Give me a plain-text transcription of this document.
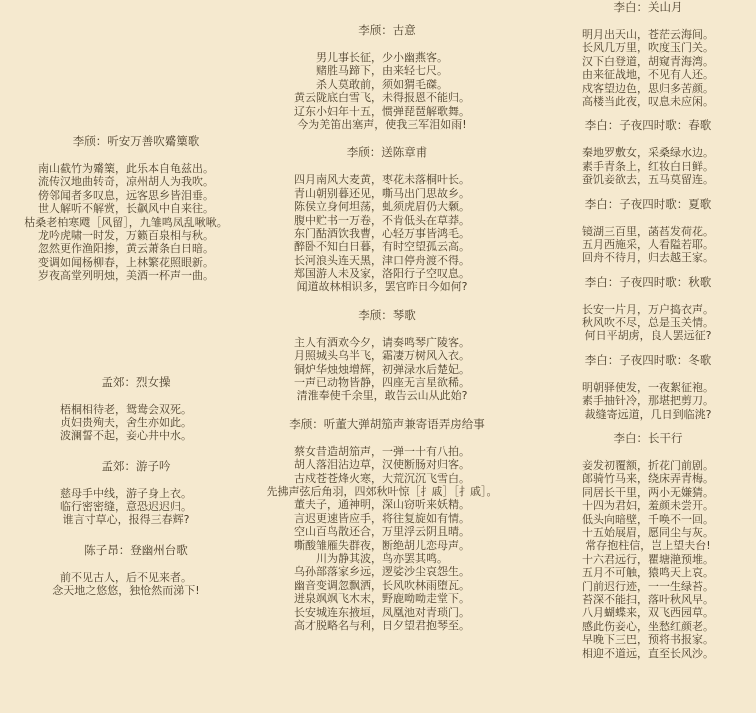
李颀：听安万善吹觱篥歌
南山截竹为觱篥，此乐本自龟兹出。
流传汉地曲转奇，凉州胡人为我吹。
傍邻闻者多叹息，远客思乡皆泪垂。
世人解听不解赏，长飙风中自来往。
枯桑老柏寒飕［风留］，九雏鸣凤乱啾啾。
龙吟虎啸一时发，万籁百泉相与秋。
忽然更作渔阳掺，黄云萧条白日暗。
变调如闻杨柳春，上林繁花照眼新。
岁夜高堂列明烛，美酒一杯声一曲。
孟郊：烈女操
梧桐相待老，鸳鸯会双死。
贞妇贵殉夫，舍生亦如此。
波澜誓不起，妾心井中水。
孟郊：游子吟
慈母手中线，游子身上衣。
临行密密缝，意恐迟迟归。
谁言寸草心，报得三春辉?
陈子昂：登幽州台歌
前不见古人，后不见来者。
念天地之悠悠，独怆然而涕下!
李颀：古意
男儿事长征，少小幽燕客。
赌胜马蹄下，由来轻七尺。
杀人莫敢前，须如猬毛磔。
黄云陇底白雪飞，未得报恩不能归。
辽东小妇年十五，惯弹琵琶解歌舞。
今为羌笛出塞声，使我三军泪如雨!
李颀：送陈章甫
四月南风大麦黄，枣花未落桐叶长。
青山朝别暮还见，嘶马出门思故乡。
陈侯立身何坦荡，虬须虎眉仍大颡。
腹中贮书一万卷，不肯低头在草莽。
东门酤酒饮我曹，心轻万事皆鸿毛。
醉卧不知白日暮，有时空望孤云高。
长河浪头连天黑，津口停舟渡不得。
郑国游人未及家，洛阳行子空叹息。
闻道故林相识多，罢官昨日今如何?
李颀：琴歌
主人有酒欢今夕，请奏鸣琴广陵客。
月照城头乌半飞，霜凄万树风入衣。
铜炉华烛烛增辉，初弹渌水后楚妃。
一声已动物皆静，四座无言星欲稀。
清淮奉使千余里，敢告云山从此始?
李颀：听董大弹胡笳声兼寄语弄房给事
蔡女昔造胡笳声，一弹一十有八拍。
胡人落泪沾边草，汉使断肠对归客。
古戍苍苍烽火寒，大荒沉沉飞雪白。
先拂声弦后角羽，四郊秋叶惊［扌戚］［扌戚］。
董夫子，通神明，深山窃听来妖精。
言迟更速皆应手，将往复旋如有情。
空山百鸟散还合，万里浮云阴且晴。
嘶酸雏雁失群夜，断绝胡儿恋母声。
川为静其波，鸟亦罢其鸣。
乌孙部落家乡远，逻娑沙尘哀怨生。
幽音变调忽飘洒，长风吹林雨堕瓦。
迸泉飒飒飞木末，野鹿呦呦走堂下。
长安城连东掖垣，凤凰池对青琐门。
高才脱略名与利，日夕望君抱琴至。
李白：关山月
明月出天山，苍茫云海间。
长风几万里，吹度玉门关。
汉下白登道，胡窥青海湾。
由来征战地，不见有人还。
戍客望边色，思归多苦颜。
高楼当此夜，叹息未应闲。
李白：子夜四时歌：春歌
秦地罗敷女，采桑绿水边。
素手青条上，红妆白日鲜。
蚕饥妾欲去，五马莫留连。
李白：子夜四时歌：夏歌
镜湖三百里，菡萏发荷花。
五月西施采，人看隘若耶。
回舟不待月，归去越王家。
李白：子夜四时歌：秋歌
长安一片月，万户捣衣声。
秋风吹不尽，总是玉关情。
何日平胡虏，良人罢远征?
李白：子夜四时歌：冬歌
明朝驿使发，一夜絮征袍。
素手抽针冷，那堪把剪刀。
裁缝寄远道，几日到临洮?
李白：长干行
妾发初覆额，折花门前剧。
郎骑竹马来，绕床弄青梅。
同居长干里，两小无嫌猜。
十四为君妇，羞颜未尝开。
低头向暗壁，千唤不一回。
十五始展眉，愿同尘与灰。
常存抱柱信，岂上望夫台!
十六君远行，瞿塘滟预堆。
五月不可触，猿鸣天上哀。
门前迟行迹，一一生绿苔。
苔深不能扫，落叶秋风早。
八月蝴蝶来，双飞西园草。
感此伤妾心，坐愁红颜老。
早晚下三巴，预将书报家。
相迎不道远，直至长风沙。
